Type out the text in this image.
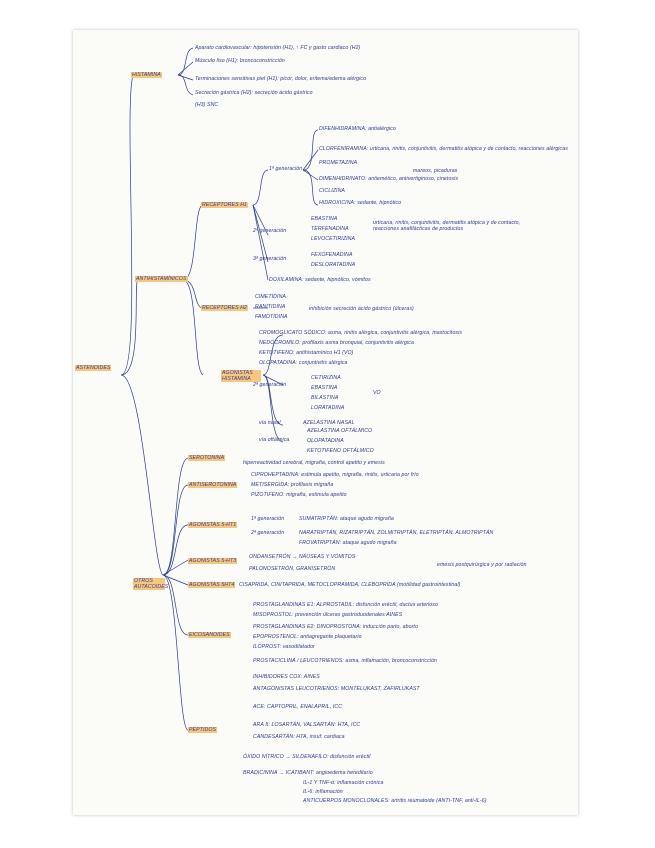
ASTENOIDES
HISTAMINA
Aparato cardiovascular: hipotensión (H1), ↑ FC y gasto cardiaco (H2)
Músculo liso (H1): broncoconstricción
Terminaciones sensitivas piel (H1): picor, dolor, eritema/edema alérgico
Secreción gástrica (H2): secreción ácido gástrico
(H3) SNC
ANTIHISTAMÍNICOS
RECEPTORES H1
1ª generación
DIFENHIDRAMINA: antialérgico
CLORFENIRAMINA: urticaria, rinitis, conjuntivitis, dermatitis atópica y de contacto, reacciones alérgicas
PROMETAZINA
DIMENHIDRINATO: antiemético, antivertiginoso, cinetosis
CICLIZINA
HIDROXICINA: sedante, hipnótico
mareos, picaduras
2ª generación
EBASTINA
TERFENADINA
LEVOCETIRIZINA
urticaria, rinitis, conjuntivitis, dermatitis atópica y de contacto, reacciones anafilácticas de productos
3ª generación
FEXOFENADINA
DESLORATADINA
DOXILAMINA: sedante, hipnótico, vómitos
RECEPTORES H2
CIMETIDINA
RANITIDINA
FAMOTIDINA
inhibición secreción ácido gástrico (úlceras)
AGONISTAS HISTAMINA
CROMOGLICATO SÓDICO: asma, rinitis alérgica, conjuntivitis alérgica, mastocitosis
NEDOCROMILO: profilaxis asma bronquial, conjuntivitis alérgica
KETOTIFENO: antihistamínico H1 (VO)
OLOPATADINA: conjuntivitis alérgica
2ª generación
CETIRIZINA
EBASTINA
BILASTINA
LORATADINA
VO
vía nasal	AZELASTINA NASAL
vía oftálmica
AZELASTINA OFTÁLMICO
OLOPATADINA
KETOTIFENO OFTÁLMICO
SEROTONINA
hiperreactividad cerebral, migraña, control apetito y emesis
ANTISEROTONINA
CIPROHEPTADINA: estimula apetito, migraña, rinitis, urticaria por frío
METISERGIDA: profilaxis migraña
PIZOTIFENO: migraña, estimula apetito
AGONISTAS 5-HT1
1ª generación	SUMATRIPTÁN: ataque agudo migraña
2ª generación	NARATRIPTÁN, RIZATRIPTÁN, ZOLMITRIPTÁN, ELETRIPTÁN, ALMOTRIPTÁN
FROVATRIPTÁN: ataque agudo migraña
AGONISTAS 5-HT3
ONDANSETRÓN → NÁUSEAS Y VÓMITOS
PALONOSETRÓN, GRANISETRÓN
emesis postquirúrgica y por radiación
AGONISTAS 5HT4 CISAPRIDA, CINITAPRIDA, METOCLOPRAMIDA, CLEBOPRIDA (motilidad gastrointestinal)
OTROS AUTACOIDES
EICOSANOIDES
PROSTAGLANDINAS E1: ALPROSTADIL: disfunción eréctil, ductus arterioso
MISOPROSTOL: prevención úlceras gastroduodenales AINES
PROSTAGLANDINAS E2: DINOPROSTONA: inducción parto, aborto
EPOPROSTENOL: antiagregante plaquetario
ILOPROST: vasodilatador
PROSTACICLINA / LEUCOTRIENOS: asma, inflamación, broncoconstricción
INHIBIDORES COX: AINES
ANTAGONISTAS LEUCOTRIENOS: MONTELUKAST, ZAFIRLUKAST
PÉPTIDOS
ACE: CAPTOPRIL, ENALAPRIL, ICC
ARA II: LOSARTÁN, VALSARTÁN: HTA, ICC
CANDESARTÁN: HTA, insuf. cardiaca
ÓXIDO NÍTRICO → SILDENAFILO: disfunción eréctil
BRADICININA → ICATIBANT: angioedema hereditario
IL-1 Y TNF-α: inflamación crónica
IL-6: inflamación
ANTICUERPOS MONOCLONALES: artritis reumatoide (ANTI-TNF, anti-IL-6)
